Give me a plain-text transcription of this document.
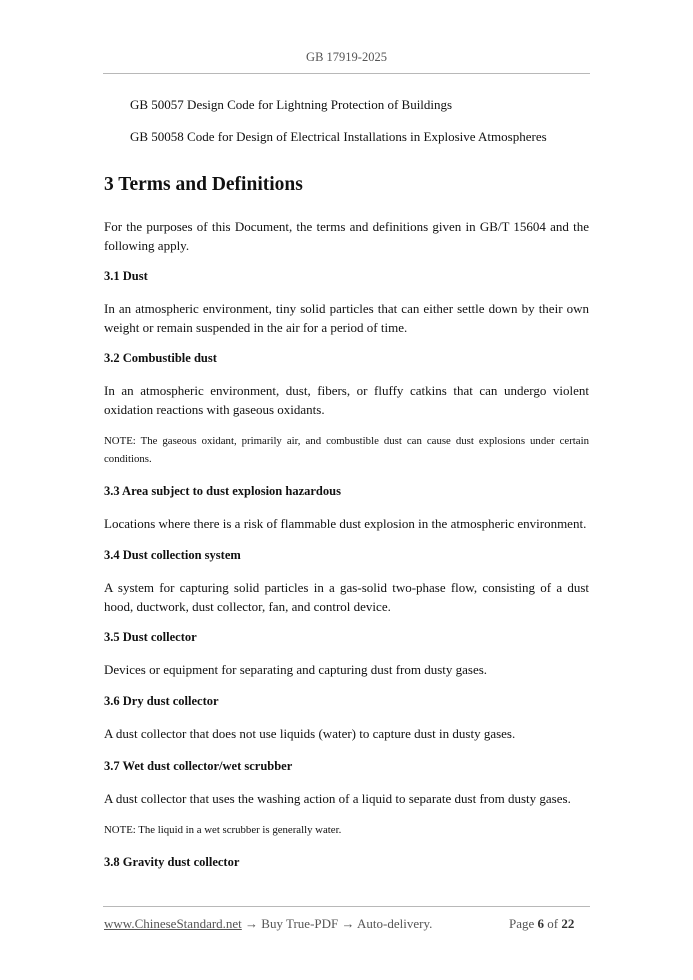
GB 17919-2025
GB 50057 Design Code for Lightning Protection of Buildings
GB 50058 Code for Design of Electrical Installations in Explosive Atmospheres
3 Terms and Definitions
For the purposes of this Document, the terms and definitions given in GB/T 15604 and the following apply.
3.1 Dust
In an atmospheric environment, tiny solid particles that can either settle down by their own weight or remain suspended in the air for a period of time.
3.2 Combustible dust
In an atmospheric environment, dust, fibers, or fluffy catkins that can undergo violent oxidation reactions with gaseous oxidants.
NOTE: The gaseous oxidant, primarily air, and combustible dust can cause dust explosions under certain conditions.
3.3 Area subject to dust explosion hazardous
Locations where there is a risk of flammable dust explosion in the atmospheric environment.
3.4 Dust collection system
A system for capturing solid particles in a gas-solid two-phase flow, consisting of a dust hood, ductwork, dust collector, fan, and control device.
3.5 Dust collector
Devices or equipment for separating and capturing dust from dusty gases.
3.6 Dry dust collector
A dust collector that does not use liquids (water) to capture dust in dusty gases.
3.7 Wet dust collector/wet scrubber
A dust collector that uses the washing action of a liquid to separate dust from dusty gases.
NOTE: The liquid in a wet scrubber is generally water.
3.8 Gravity dust collector
www.ChineseStandard.net → Buy True-PDF → Auto-delivery.	Page 6 of 22
